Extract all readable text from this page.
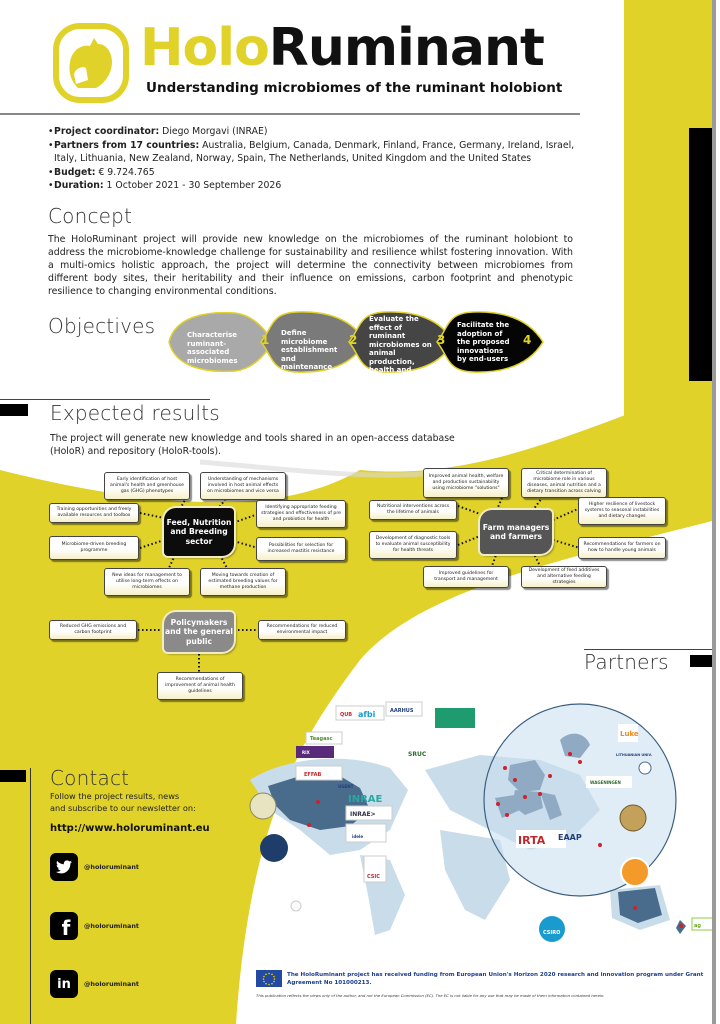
HoloRuminant
Understanding microbiomes of the ruminant holobiont
• Project coordinator: Diego Morgavi (INRAE)
• Partners from 17 countries: Australia, Belgium, Canada, Denmark, Finland, France, Germany, Ireland, Israel, Italy, Lithuania, New Zealand, Norway, Spain, The Netherlands, United Kingdom and the United States
• Budget: € 9.724.765
• Duration: 1 October 2021 - 30 September 2026
Concept

The HoloRuminant project will provide new knowledge on the microbiomes of the ruminant holobiont to address the microbiome-knowledge challenge for sustainability and resilience whilst fostering innovation. With a multi-omics holistic approach, the project will determine the connectivity between microbiomes from different body sites, their heritability and their influence on emissions, carbon footprint and phenotypic resilience to changing environmental conditions.

Objectives	Characterise ruminant-associated microbiomes
1 Define microbiome establishment and maintenance
2
Evaluate the effect of ruminant microbiomes on animal production, health and welfare
3
Facilitate the adoption of the proposed innovations by end-users
4
Expected results

The project will generate new knowledge and tools shared in an open-access database (HoloR) and repository (HoloR-tools).

Feed, Nutrition and Breeding sector
Early identification of host animal's health and greenhouse gas (GHG) phenotypes
Understanding of mechanisms involved in host animal effects on microbiomes and vice versa
Training opportunities and freely available resources and toolbox
Identifying appropriate feeding strategies and effectiveness of pre and probiotics for health
Microbiome-driven breeding programme
Possibilities for selection for increased mastitis resistance
New ideas for management to utilise long-term effects on microbiomes
Moving towards creation of estimated breeding values for methane production
Farm managers and farmers
Improved animal health, welfare and production sustainability using microbiome "solutions"
Critical determination of microbiome role in various diseases, animal nutrition and a dietary transition across calving
Nutritional interventions across the lifetime of animals
Higher resilience of livestock systems to seasonal instabilities and dietary changes
Development of diagnostic tools to evaluate animal susceptibility for health threats
Recommendations for farmers on how to handle young animals
Improved guidelines for transport and management
Development of feed additives and alternative feeding strategies
Policymakers and the general public
Reduced GHG emissions and carbon footprint
Recommendations for reduced environmental impact
Recommendations of improvement of animal health guidelines
Partners
AARHUS
QUB afbi
Teagasc
SRUC
RIX
EFFAB
UGENT
INRAE
INRAE>
idele
CSIC
IRTA EAAP
Luke
LITHUANIAN UNIV.
WAGENINGEN
CSIRO
ag
Contact
Follow the project results, news
and subscribe to our newsletter on:
http://www.holoruminant.eu
@holoruminant
f	@holoruminant
in	@holoruminant
The HoloRuminant project has received funding from European Union's Horizon 2020 research and innovation program under Grant Agreement No 101000213.
This publication reflects the views only of the author, and not the European Commission (EC). The EC is not liable for any use that may be made of them information contained herein.
